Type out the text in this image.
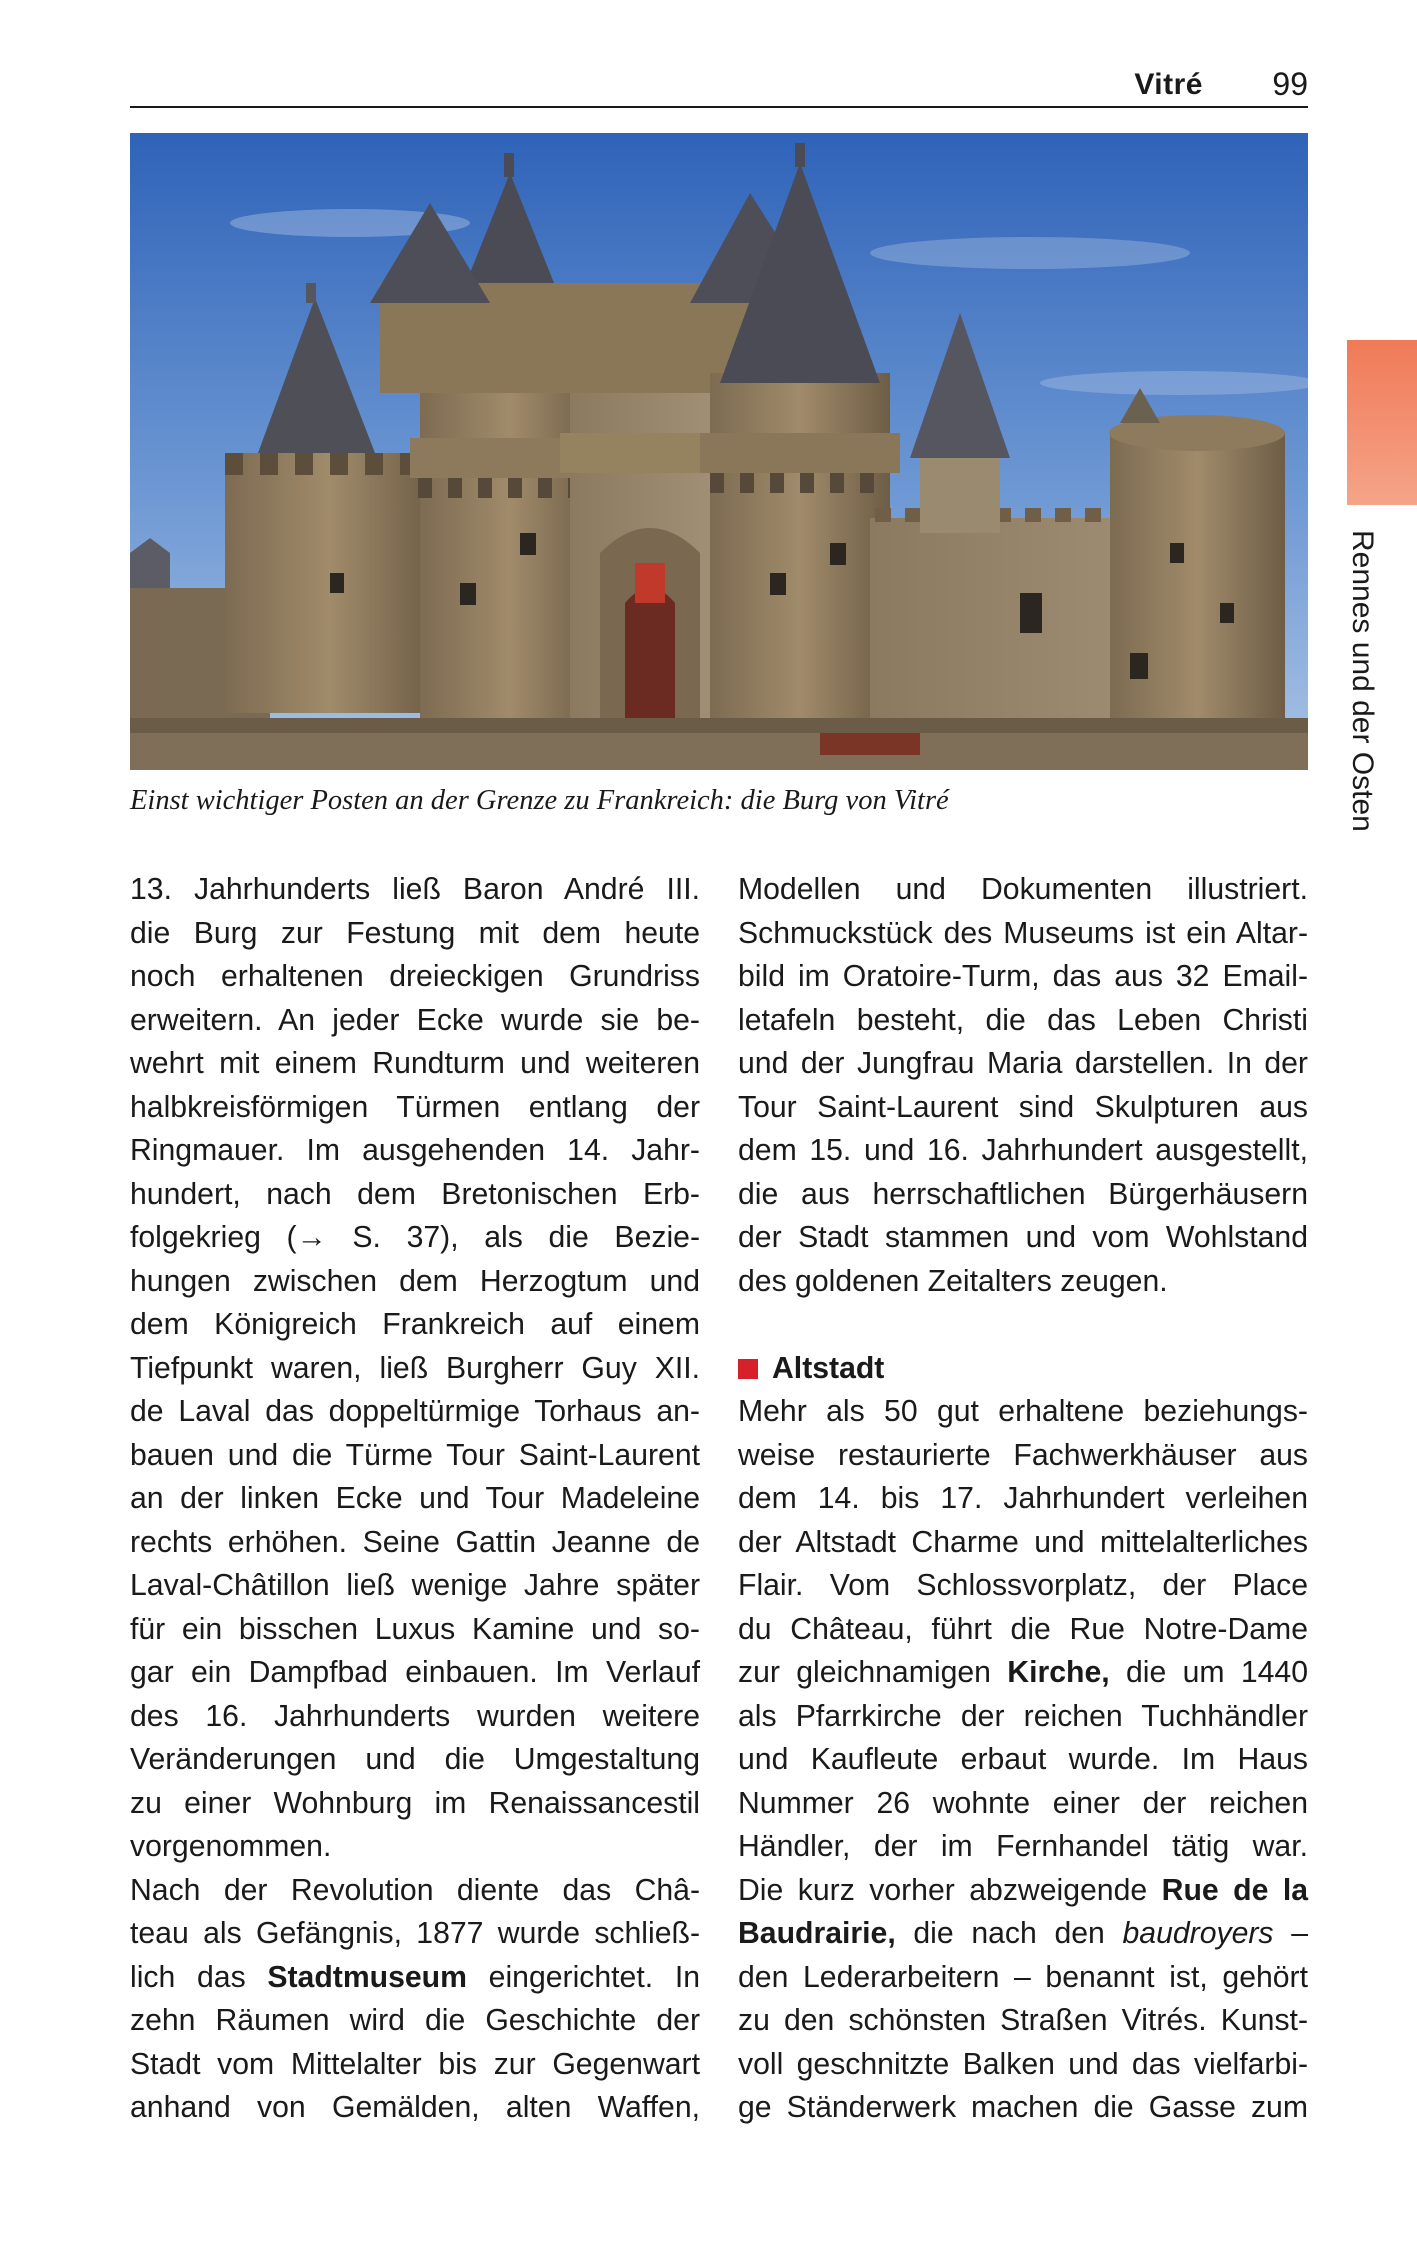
Vitré 99
Rennes und der Osten
Einst wichtiger Posten an der Grenze zu Frankreich: die Burg von Vitré
13. Jahrhunderts ließ Baron André III.
die Burg zur Festung mit dem heute
noch erhaltenen dreieckigen Grundriss
erweitern. An jeder Ecke wurde sie be-
wehrt mit einem Rundturm und weiteren
halbkreisförmigen Türmen entlang der
Ringmauer. Im ausgehenden 14. Jahr-
hundert, nach dem Bretonischen Erb-
folgekrieg (→ S. 37), als die Bezie-
hungen zwischen dem Herzogtum und
dem Königreich Frankreich auf einem
Tiefpunkt waren, ließ Burgherr Guy XII.
de Laval das doppeltürmige Torhaus an-
bauen und die Türme Tour Saint-Laurent
an der linken Ecke und Tour Madeleine
rechts erhöhen. Seine Gattin Jeanne de
Laval-Châtillon ließ wenige Jahre später
für ein bisschen Luxus Kamine und so-
gar ein Dampfbad einbauen. Im Verlauf
des 16. Jahrhunderts wurden weitere
Veränderungen und die Umgestaltung
zu einer Wohnburg im Renaissancestil
vorgenommen.
Nach der Revolution diente das Châ-
teau als Gefängnis, 1877 wurde schließ-
lich das Stadtmuseum eingerichtet. In
zehn Räumen wird die Geschichte der
Stadt vom Mittelalter bis zur Gegenwart
anhand von Gemälden, alten Waffen,
Modellen und Dokumenten illustriert.
Schmuckstück des Museums ist ein Altar-
bild im Oratoire-Turm, das aus 32 Email-
letafeln besteht, die das Leben Christi
und der Jungfrau Maria darstellen. In der
Tour Saint-Laurent sind Skulpturen aus
dem 15. und 16. Jahrhundert ausgestellt,
die aus herrschaftlichen Bürgerhäusern
der Stadt stammen und vom Wohlstand
des goldenen Zeitalters zeugen.
Altstadt
Mehr als 50 gut erhaltene beziehungs-
weise restaurierte Fachwerkhäuser aus
dem 14. bis 17. Jahrhundert verleihen
der Altstadt Charme und mittelalterliches
Flair. Vom Schlossvorplatz, der Place
du Château, führt die Rue Notre-Dame
zur gleichnamigen Kirche, die um 1440
als Pfarrkirche der reichen Tuchhändler
und Kaufleute erbaut wurde. Im Haus
Nummer 26 wohnte einer der reichen
Händler, der im Fernhandel tätig war.
Die kurz vorher abzweigende Rue de la
Baudrairie, die nach den baudroyers –
den Lederarbeitern – benannt ist, gehört
zu den schönsten Straßen Vitrés. Kunst-
voll geschnitzte Balken und das vielfarbi-
ge Ständerwerk machen die Gasse zum
